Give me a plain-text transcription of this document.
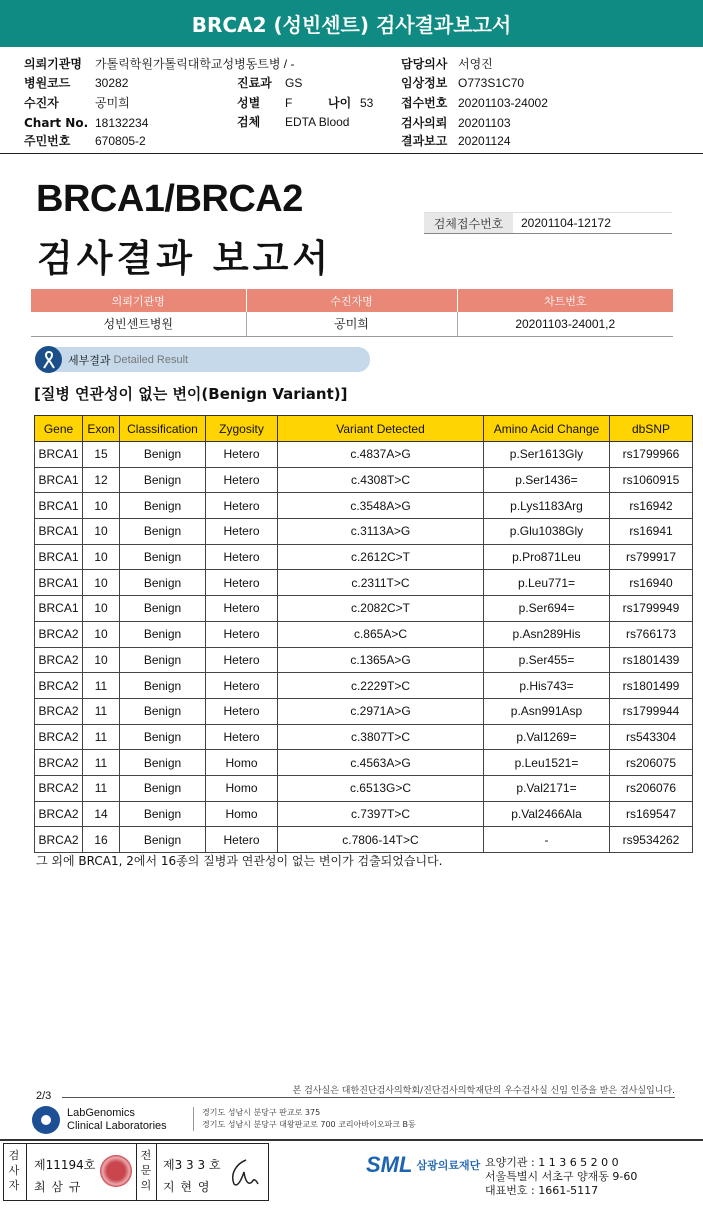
BRCA2 (성빈센트) 검사결과보고서
의뢰기관명 가톨릭학원가톨릭대학교성병동트병 / -
병원코드 30282
수진자	공미희
Chart No. 18132234
주민번호 670805-2
진료과 GS
성별 F	나이 53
검체 EDTA Blood
담당의사 서영진
임상정보 O773S1C70
접수번호 20201103-24002
검사의뢰 20201103
결과보고 20201124
BRCA1/BRCA2
검사결과 보고서
검체접수번호	20201104-12172
의뢰기관명	수진자명	차트번호
성빈센트병원	공미희	20201103-24001,2
세부결과 Detailed Result
[질병 연관성이 없는 변이(Benign Variant)]
Gene	Exon	Classification	Zygosity	Variant Detected	Amino Acid Change	dbSNP
BRCA1	15	Benign	Hetero	c.4837A>G	p.Ser1613Gly	rs1799966
BRCA1	12	Benign	Hetero	c.4308T>C	p.Ser1436=	rs1060915
BRCA1	10	Benign	Hetero	c.3548A>G	p.Lys1183Arg	rs16942
BRCA1	10	Benign	Hetero	c.3113A>G	p.Glu1038Gly	rs16941
BRCA1	10	Benign	Hetero	c.2612C>T	p.Pro871Leu	rs799917
BRCA1	10	Benign	Hetero	c.2311T>C	p.Leu771=	rs16940
BRCA1	10	Benign	Hetero	c.2082C>T	p.Ser694=	rs1799949
BRCA2	10	Benign	Hetero	c.865A>C	p.Asn289His	rs766173
BRCA2	10	Benign	Hetero	c.1365A>G	p.Ser455=	rs1801439
BRCA2	11	Benign	Hetero	c.2229T>C	p.His743=	rs1801499
BRCA2	11	Benign	Hetero	c.2971A>G	p.Asn991Asp	rs1799944
BRCA2	11	Benign	Hetero	c.3807T>C	p.Val1269=	rs543304
BRCA2	11	Benign	Homo	c.4563A>G	p.Leu1521=	rs206075
BRCA2	11	Benign	Homo	c.6513G>C	p.Val2171=	rs206076
BRCA2	14	Benign	Homo	c.7397T>C	p.Val2466Ala	rs169547
BRCA2	16	Benign	Hetero	c.7806-14T>C	-	rs9534262
그 외에 BRCA1, 2에서 16종의 질병과 연관성이 없는 변이가 검출되었습니다.
본 검사실은 대한진단검사의학회/진단검사의학재단의 우수검사실 신임 인증을 받은 검사실입니다.
2/3
LabGenomics
Clinical Laboratories
경기도 성남시 분당구 판교로 375
경기도 성남시 분당구 대왕판교로 700 코리아바이오파크 B동
검사자
제11194호
최 삼 규
전문의
제3 3 3 호
지 현 영
SML 삼광의료재단 요양기관 : 1 1 3 6 5 2 0 0
서울특별시 서초구 양재동 9-60
대표번호 : 1661-5117
